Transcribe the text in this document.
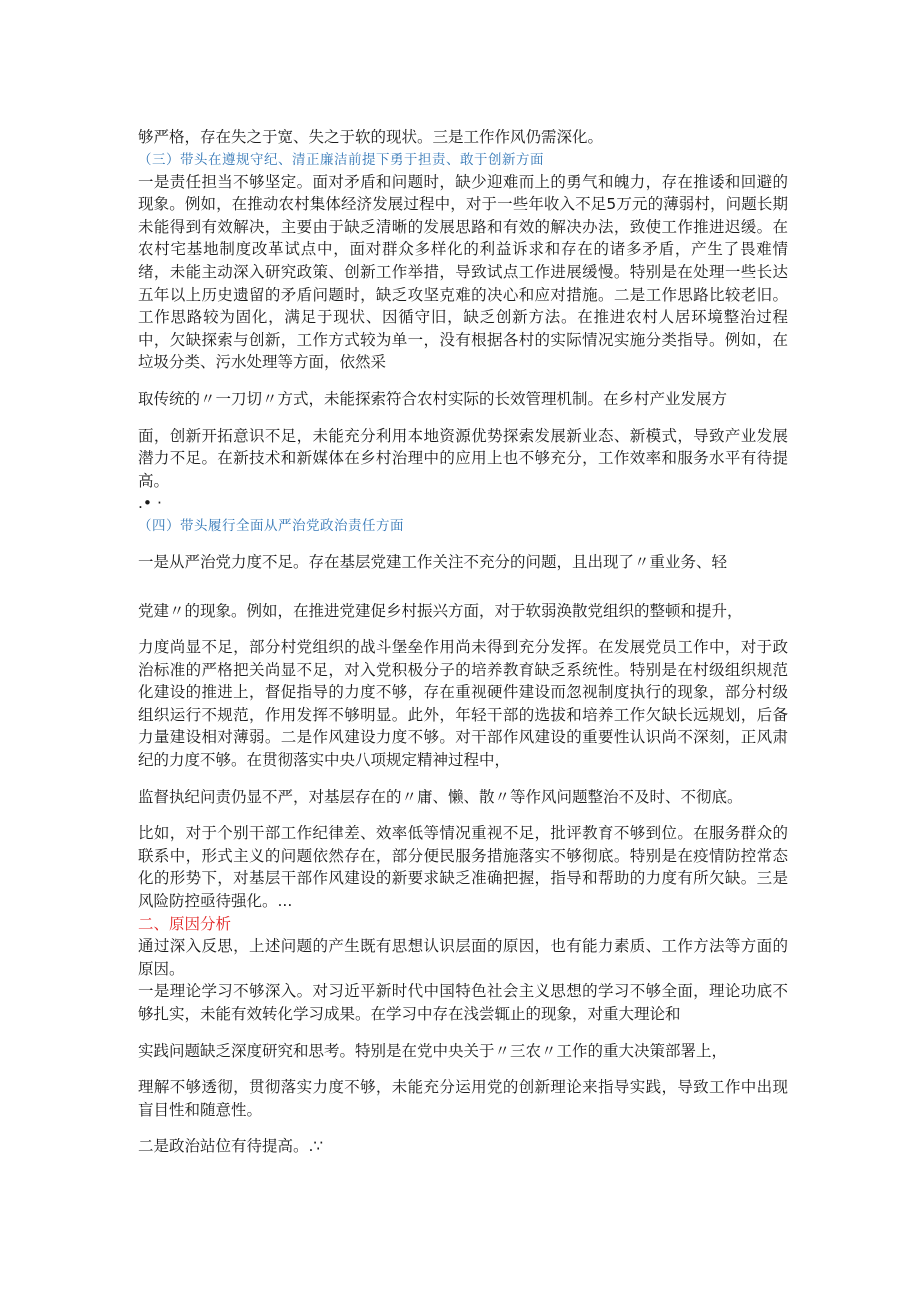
够严格，存在失之于宽、失之于软的现状。三是工作作风仍需深化。
（三）带头在遵规守纪、清正廉洁前提下勇于担责、敢于创新方面
一是责任担当不够坚定。面对矛盾和问题时，缺少迎难而上的勇气和魄力，存在推诿和回避的现象。例如，在推动农村集体经济发展过程中，对于一些年收入不足5万元的薄弱村，问题长期未能得到有效解决，主要由于缺乏清晰的发展思路和有效的解决办法，致使工作推进迟缓。在农村宅基地制度改革试点中，面对群众多样化的利益诉求和存在的诸多矛盾，产生了畏难情绪，未能主动深入研究政策、创新工作举措，导致试点工作进展缓慢。特别是在处理一些长达五年以上历史遗留的矛盾问题时，缺乏攻坚克难的决心和应对措施。二是工作思路比较老旧。工作思路较为固化，满足于现状、因循守旧，缺乏创新方法。在推进农村人居环境整治过程中，欠缺探索与创新，工作方式较为单一，没有根据各村的实际情况实施分类指导。例如，在垃圾分类、污水处理等方面，依然采
取传统的〃一刀切〃方式，未能探索符合农村实际的长效管理机制。在乡村产业发展方
面，创新开拓意识不足，未能充分利用本地资源优势探索发展新业态、新模式，导致产业发展潜力不足。在新技术和新媒体在乡村治理中的应用上也不够充分，工作效率和服务水平有待提高。
.• ·
（四）带头履行全面从严治党政治责任方面
一是从严治党力度不足。存在基层党建工作关注不充分的问题，且出现了〃重业务、轻
党建〃的现象。例如，在推进党建促乡村振兴方面，对于软弱涣散党组织的整顿和提升，
力度尚显不足，部分村党组织的战斗堡垒作用尚未得到充分发挥。在发展党员工作中，对于政治标准的严格把关尚显不足，对入党积极分子的培养教育缺乏系统性。特别是在村级组织规范化建设的推进上，督促指导的力度不够，存在重视硬件建设而忽视制度执行的现象，部分村级组织运行不规范，作用发挥不够明显。此外，年轻干部的选拔和培养工作欠缺长远规划，后备力量建设相对薄弱。二是作风建设力度不够。对干部作风建设的重要性认识尚不深刻，正风肃纪的力度不够。在贯彻落实中央八项规定精神过程中，
监督执纪问责仍显不严，对基层存在的〃庸、懒、散〃等作风问题整治不及时、不彻底。
比如，对于个别干部工作纪律差、效率低等情况重视不足，批评教育不够到位。在服务群众的联系中，形式主义的问题依然存在，部分便民服务措施落实不够彻底。特别是在疫情防控常态化的形势下，对基层干部作风建设的新要求缺乏准确把握，指导和帮助的力度有所欠缺。三是风险防控亟待强化。...
二、原因分析
通过深入反思，上述问题的产生既有思想认识层面的原因，也有能力素质、工作方法等方面的原因。
一是理论学习不够深入。对习近平新时代中国特色社会主义思想的学习不够全面，理论功底不够扎实，未能有效转化学习成果。在学习中存在浅尝辄止的现象，对重大理论和
实践问题缺乏深度研究和思考。特别是在党中央关于〃三农〃工作的重大决策部署上，
理解不够透彻，贯彻落实力度不够，未能充分运用党的创新理论来指导实践，导致工作中出现盲目性和随意性。
二是政治站位有待提高。.∵
